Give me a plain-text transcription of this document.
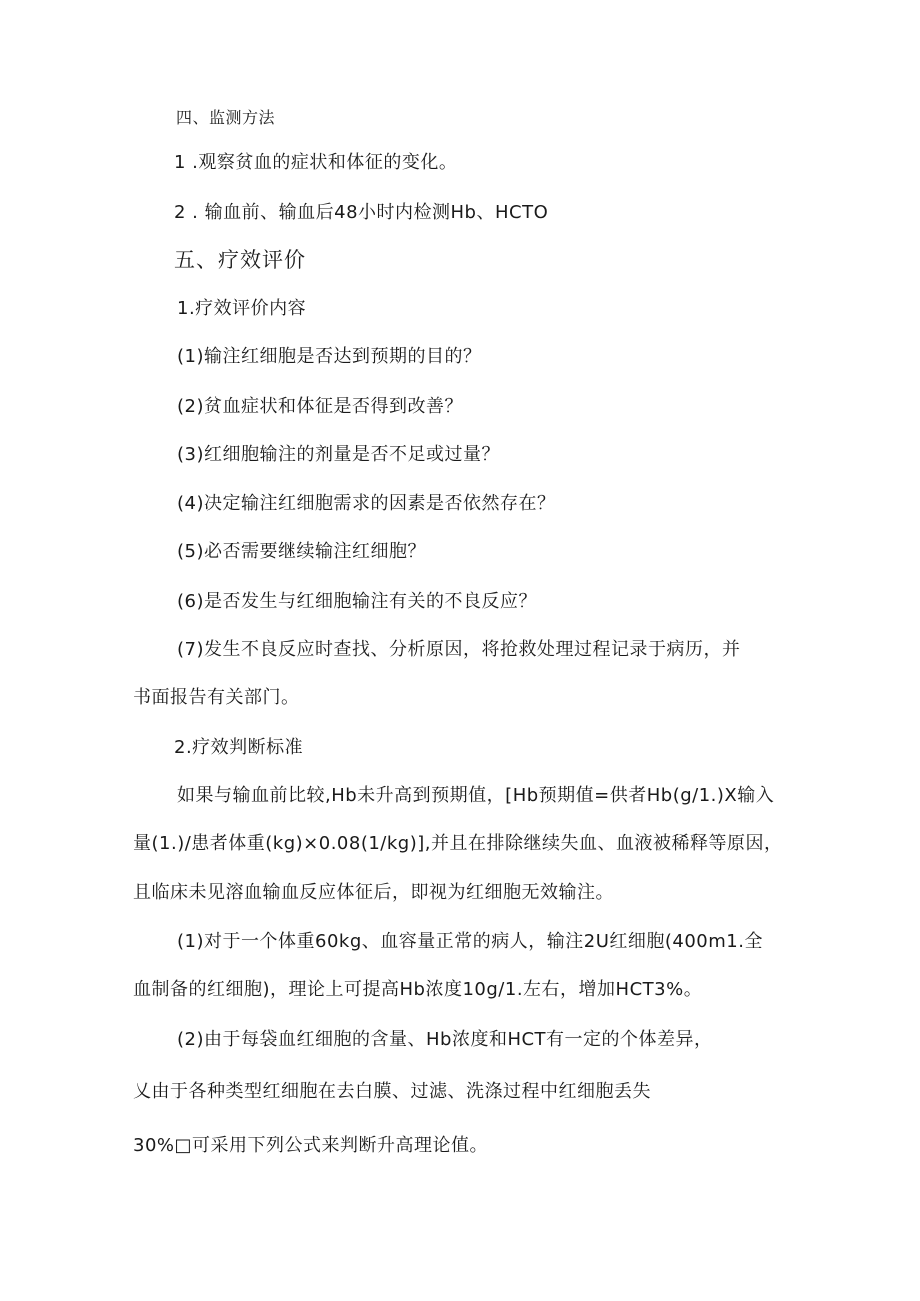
四、监测方法
1 .观察贫血的症状和体征的变化。
2 . 输血前、输血后48小时内检测Hb、HCTO
五、疗效评价
1.疗效评价内容
(1)输注红细胞是否达到预期的目的？
(2)贫血症状和体征是否得到改善？
(3)红细胞输注的剂量是否不足或过量？
(4)决定输注红细胞需求的因素是否依然存在？
(5)必否需要继续输注红细胞？
(6)是否发生与红细胞输注有关的不良反应？
(7)发生不良反应时查找、分析原因，将抢救处理过程记录于病历，并
书面报告有关部门。
2.疗效判断标准
如果与输血前比较,Hb未升高到预期值，[Hb预期值=供者Hb(g/1.)X输入
量(1.)/患者体重(kg)×0.08(1/kg)],并且在排除继续失血、血液被稀释等原因，
且临床未见溶血输血反应体征后，即视为红细胞无效输注。
(1)对于一个体重60kg、血容量正常的病人，输注2U红细胞(400m1.全
血制备的红细胞)，理论上可提高Hb浓度10g/1.左右，增加HCT3%。
(2)由于每袋血红细胞的含量、Hb浓度和HCT有一定的个体差异，
乂由于各种类型红细胞在去白膜、过滤、洗涤过程中红细胞丢失
30%□可采用下列公式来判断升高理论值。
